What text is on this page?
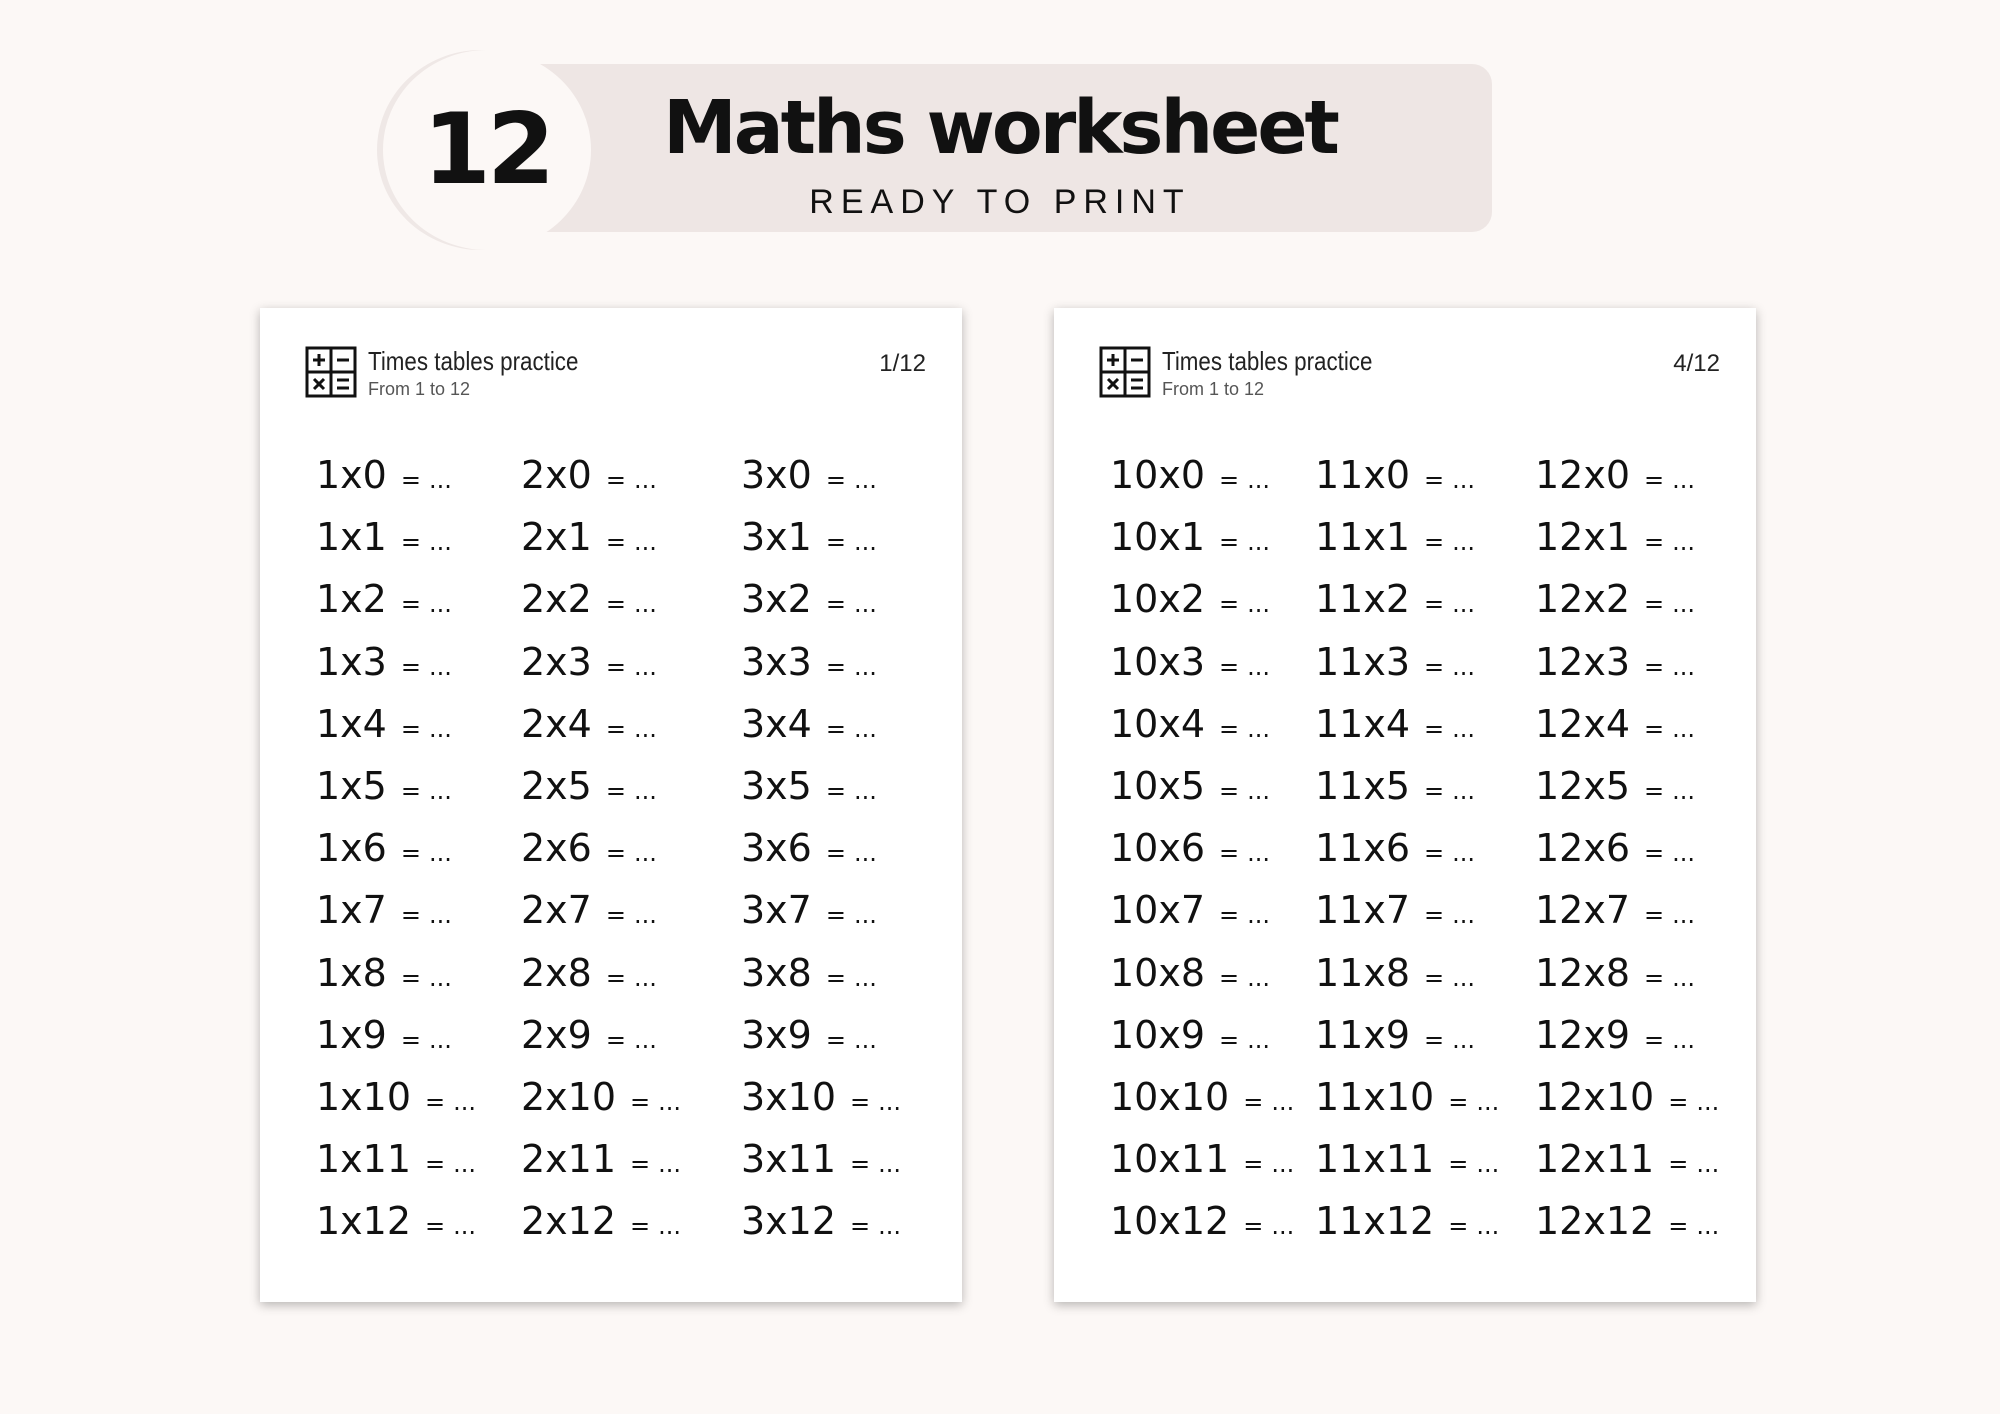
12	Maths worksheet
READY TO PRINT
Times tables practice
From 1 to 12
1/12
1x0 = ...
1x1 = ...
1x2 = ...
1x3 = ...
1x4 = ...
1x5 = ...
1x6 = ...
1x7 = ...
1x8 = ...
1x9 = ...
1x10 = ...
1x11 = ...
1x12 = ...
2x0 = ...
2x1 = ...
2x2 = ...
2x3 = ...
2x4 = ...
2x5 = ...
2x6 = ...
2x7 = ...
2x8 = ...
2x9 = ...
2x10 = ...
2x11 = ...
2x12 = ...
3x0 = ...
3x1 = ...
3x2 = ...
3x3 = ...
3x4 = ...
3x5 = ...
3x6 = ...
3x7 = ...
3x8 = ...
3x9 = ...
3x10 = ...
3x11 = ...
3x12 = ...
Times tables practice
From 1 to 12
4/12
10x0 = ...
10x1 = ...
10x2 = ...
10x3 = ...
10x4 = ...
10x5 = ...
10x6 = ...
10x7 = ...
10x8 = ...
10x9 = ...
10x10 = ...
10x11 = ...
10x12 = ...
11x0 = ...
11x1 = ...
11x2 = ...
11x3 = ...
11x4 = ...
11x5 = ...
11x6 = ...
11x7 = ...
11x8 = ...
11x9 = ...
11x10 = ...
11x11 = ...
11x12 = ...
12x0 = ...
12x1 = ...
12x2 = ...
12x3 = ...
12x4 = ...
12x5 = ...
12x6 = ...
12x7 = ...
12x8 = ...
12x9 = ...
12x10 = ...
12x11 = ...
12x12 = ...
